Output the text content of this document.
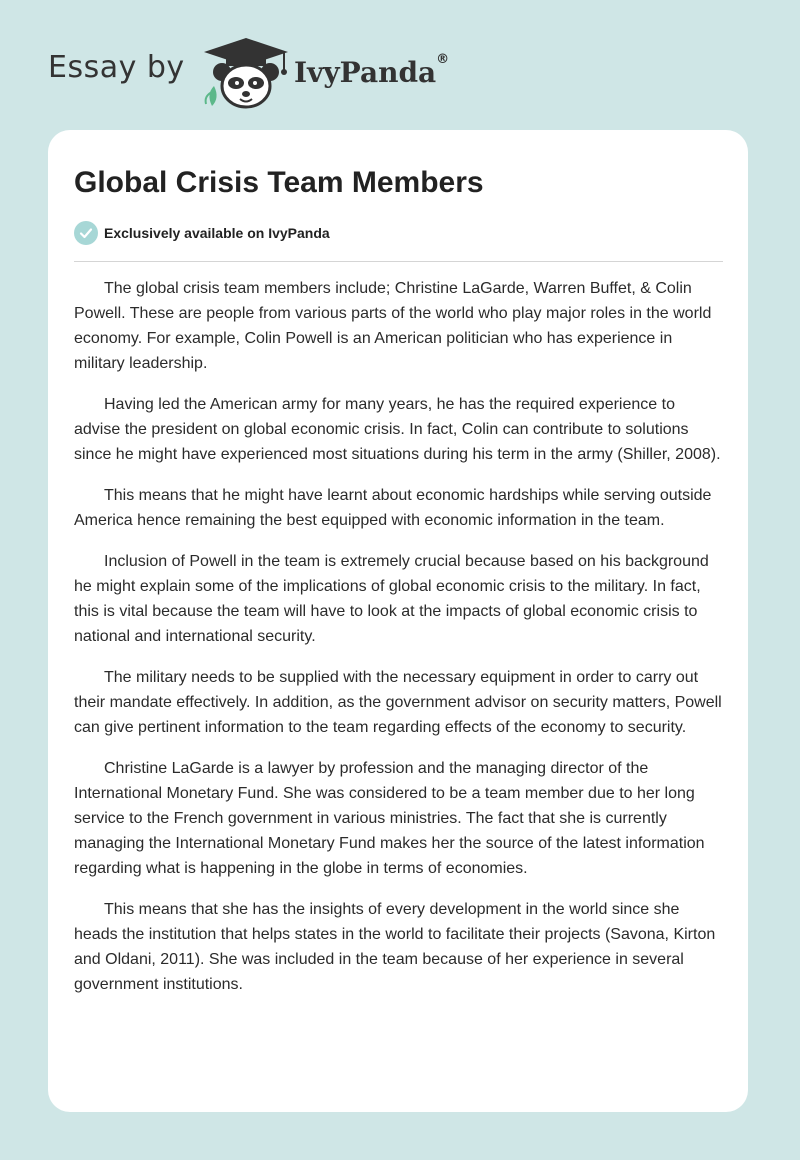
Essay by	IvyPanda®
Global Crisis Team Members
Exclusively available on IvyPanda

The global crisis team members include; Christine LaGarde, Warren Buffet, & Colin Powell. These are people from various parts of the world who play major roles in the world economy. For example, Colin Powell is an American politician who has experience in military leadership.

Having led the American army for many years, he has the required experience to advise the president on global economic crisis. In fact, Colin can contribute to solutions since he might have experienced most situations during his term in the army (Shiller, 2008).

This means that he might have learnt about economic hardships while serving outside America hence remaining the best equipped with economic information in the team.

Inclusion of Powell in the team is extremely crucial because based on his background he might explain some of the implications of global economic crisis to the military. In fact, this is vital because the team will have to look at the impacts of global economic crisis to national and international security.

The military needs to be supplied with the necessary equipment in order to carry out their mandate effectively. In addition, as the government advisor on security matters, Powell can give pertinent information to the team regarding effects of the economy to security.

Christine LaGarde is a lawyer by profession and the managing director of the International Monetary Fund. She was considered to be a team member due to her long service to the French government in various ministries. The fact that she is currently managing the International Monetary Fund makes her the source of the latest information regarding what is happening in the globe in terms of economies.

This means that she has the insights of every development in the world since she heads the institution that helps states in the world to facilitate their projects (Savona, Kirton and Oldani, 2011). She was included in the team because of her experience in several government institutions.
